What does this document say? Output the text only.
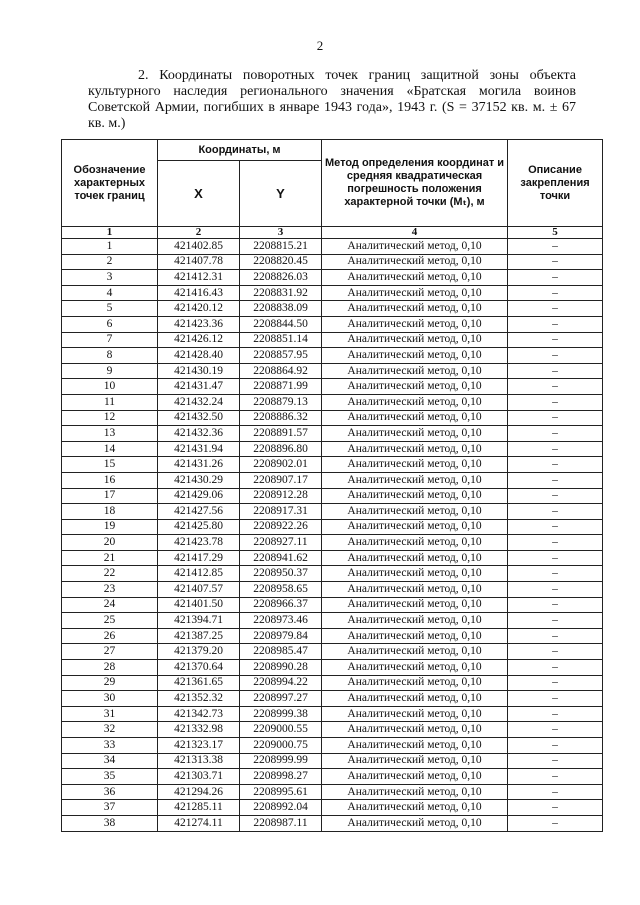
2
2. Координаты поворотных точек границ защитной зоны объекта культурного наследия регионального значения «Братская могила воинов Советской Армии, погибших в январе 1943 года», 1943 г. (S = 37152 кв. м. ± 67 кв. м.)
Обозначение характерных точек границ	Координаты, м		Метод определения координат и средняя квадратическая погрешность положения характерной точки (Mₜ), м	Описание закрепления точки
	X	Y		
1	2	3	4	5
1	421402.85	2208815.21	Аналитический метод, 0,10	–
2	421407.78	2208820.45	Аналитический метод, 0,10	–
3	421412.31	2208826.03	Аналитический метод, 0,10	–
4	421416.43	2208831.92	Аналитический метод, 0,10	–
5	421420.12	2208838.09	Аналитический метод, 0,10	–
6	421423.36	2208844.50	Аналитический метод, 0,10	–
7	421426.12	2208851.14	Аналитический метод, 0,10	–
8	421428.40	2208857.95	Аналитический метод, 0,10	–
9	421430.19	2208864.92	Аналитический метод, 0,10	–
10	421431.47	2208871.99	Аналитический метод, 0,10	–
11	421432.24	2208879.13	Аналитический метод, 0,10	–
12	421432.50	2208886.32	Аналитический метод, 0,10	–
13	421432.36	2208891.57	Аналитический метод, 0,10	–
14	421431.94	2208896.80	Аналитический метод, 0,10	–
15	421431.26	2208902.01	Аналитический метод, 0,10	–
16	421430.29	2208907.17	Аналитический метод, 0,10	–
17	421429.06	2208912.28	Аналитический метод, 0,10	–
18	421427.56	2208917.31	Аналитический метод, 0,10	–
19	421425.80	2208922.26	Аналитический метод, 0,10	–
20	421423.78	2208927.11	Аналитический метод, 0,10	–
21	421417.29	2208941.62	Аналитический метод, 0,10	–
22	421412.85	2208950.37	Аналитический метод, 0,10	–
23	421407.57	2208958.65	Аналитический метод, 0,10	–
24	421401.50	2208966.37	Аналитический метод, 0,10	–
25	421394.71	2208973.46	Аналитический метод, 0,10	–
26	421387.25	2208979.84	Аналитический метод, 0,10	–
27	421379.20	2208985.47	Аналитический метод, 0,10	–
28	421370.64	2208990.28	Аналитический метод, 0,10	–
29	421361.65	2208994.22	Аналитический метод, 0,10	–
30	421352.32	2208997.27	Аналитический метод, 0,10	–
31	421342.73	2208999.38	Аналитический метод, 0,10	–
32	421332.98	2209000.55	Аналитический метод, 0,10	–
33	421323.17	2209000.75	Аналитический метод, 0,10	–
34	421313.38	2208999.99	Аналитический метод, 0,10	–
35	421303.71	2208998.27	Аналитический метод, 0,10	–
36	421294.26	2208995.61	Аналитический метод, 0,10	–
37	421285.11	2208992.04	Аналитический метод, 0,10	–
38	421274.11	2208987.11	Аналитический метод, 0,10	–
